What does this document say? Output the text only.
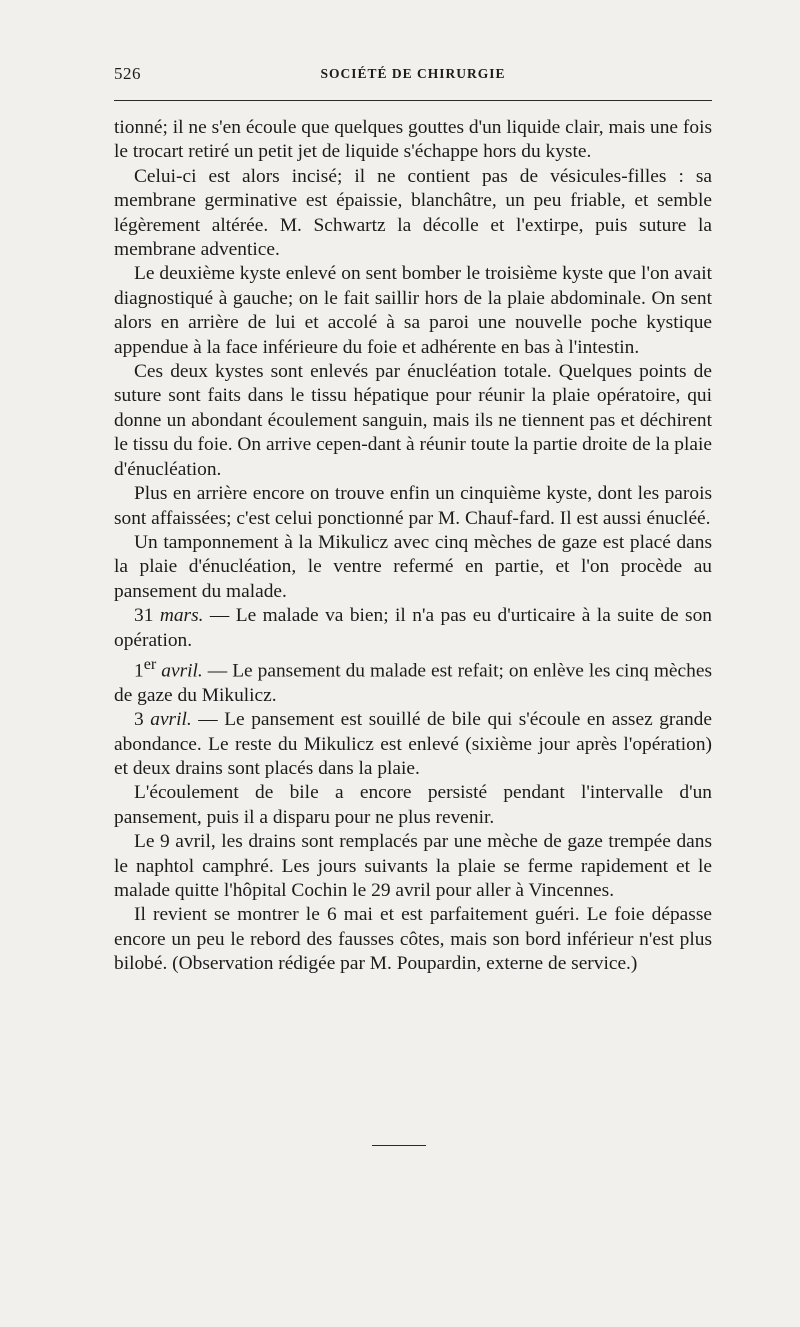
526	SOCIÉTÉ DE CHIRURGIE

tionné; il ne s'en écoule que quelques gouttes d'un liquide clair, mais une fois le trocart retiré un petit jet de liquide s'échappe hors du kyste.

Celui-ci est alors incisé; il ne contient pas de vésicules-filles : sa membrane germinative est épaissie, blanchâtre, un peu friable, et semble légèrement altérée. M. Schwartz la décolle et l'extirpe, puis suture la membrane adventice.

Le deuxième kyste enlevé on sent bomber le troisième kyste que l'on avait diagnostiqué à gauche; on le fait saillir hors de la plaie abdominale. On sent alors en arrière de lui et accolé à sa paroi une nouvelle poche kystique appendue à la face inférieure du foie et adhérente en bas à l'intestin.

Ces deux kystes sont enlevés par énucléation totale. Quelques points de suture sont faits dans le tissu hépatique pour réunir la plaie opératoire, qui donne un abondant écoulement sanguin, mais ils ne tiennent pas et déchirent le tissu du foie. On arrive cepen-dant à réunir toute la partie droite de la plaie d'énucléation.

Plus en arrière encore on trouve enfin un cinquième kyste, dont les parois sont affaissées; c'est celui ponctionné par M. Chauf-fard. Il est aussi énucléé.

Un tamponnement à la Mikulicz avec cinq mèches de gaze est placé dans la plaie d'énucléation, le ventre refermé en partie, et l'on procède au pansement du malade.

31 mars. — Le malade va bien; il n'a pas eu d'urticaire à la suite de son opération.

1er avril. — Le pansement du malade est refait; on enlève les cinq mèches de gaze du Mikulicz.

3 avril. — Le pansement est souillé de bile qui s'écoule en assez grande abondance. Le reste du Mikulicz est enlevé (sixième jour après l'opération) et deux drains sont placés dans la plaie.

L'écoulement de bile a encore persisté pendant l'intervalle d'un pansement, puis il a disparu pour ne plus revenir.

Le 9 avril, les drains sont remplacés par une mèche de gaze trempée dans le naphtol camphré. Les jours suivants la plaie se ferme rapidement et le malade quitte l'hôpital Cochin le 29 avril pour aller à Vincennes.

Il revient se montrer le 6 mai et est parfaitement guéri. Le foie dépasse encore un peu le rebord des fausses côtes, mais son bord inférieur n'est plus bilobé. (Observation rédigée par M. Poupardin, externe de service.)
